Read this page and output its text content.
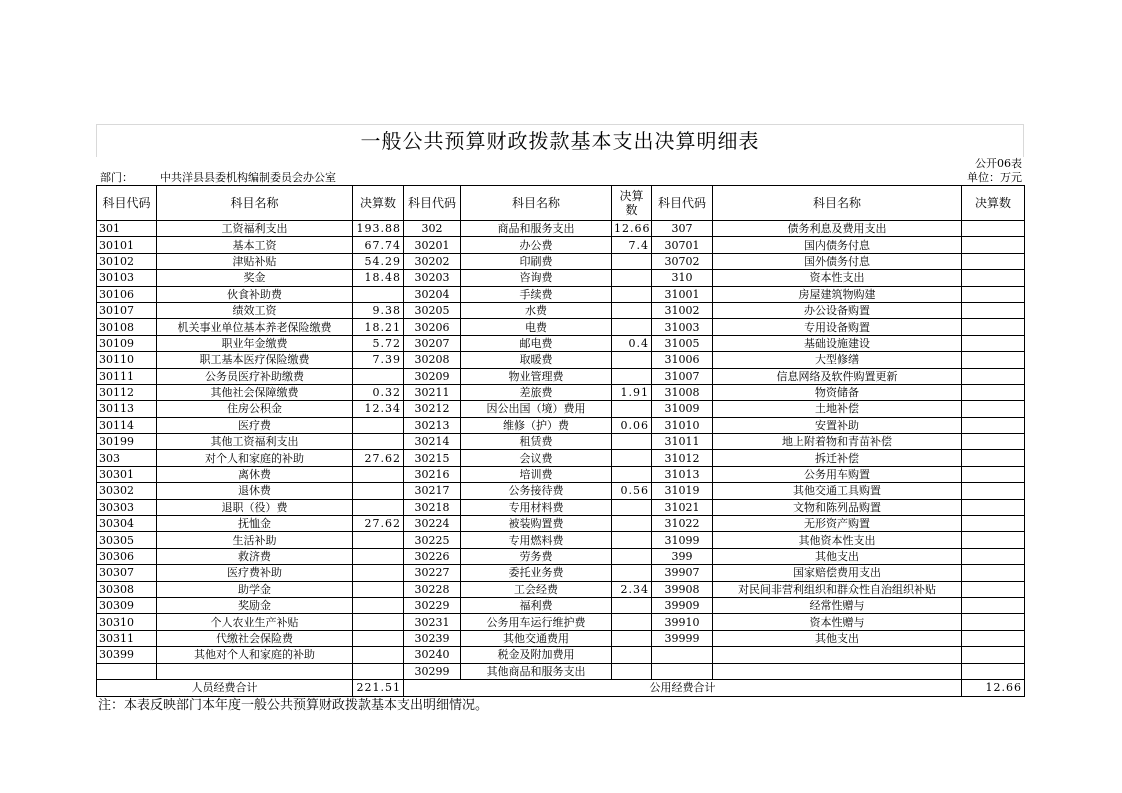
一般公共预算财政拨款基本支出决算明细表
公开06表
部门： 中共洋县县委机构编制委员会办公室	单位：万元
科目代码	科目名称	决算数	科目代码	科目名称	决算数	科目代码	科目名称	决算数
301	工资福利支出	193.88	302	商品和服务支出	12.66	307	债务利息及费用支出	
30101	基本工资	67.74	30201	办公费	7.4	30701	国内债务付息	
30102	津贴补贴	54.29	30202	印刷费		30702	国外债务付息	
30103	奖金	18.48	30203	咨询费		310	资本性支出	
30106	伙食补助费		30204	手续费		31001	房屋建筑物购建	
30107	绩效工资	9.38	30205	水费		31002	办公设备购置	
30108	机关事业单位基本养老保险缴费	18.21	30206	电费		31003	专用设备购置	
30109	职业年金缴费	5.72	30207	邮电费	0.4	31005	基础设施建设	
30110	职工基本医疗保险缴费	7.39	30208	取暖费		31006	大型修缮	
30111	公务员医疗补助缴费		30209	物业管理费		31007	信息网络及软件购置更新	
30112	其他社会保障缴费	0.32	30211	差旅费	1.91	31008	物资储备	
30113	住房公积金	12.34	30212	因公出国（境）费用		31009	土地补偿	
30114	医疗费		30213	维修（护）费	0.06	31010	安置补助	
30199	其他工资福利支出		30214	租赁费		31011	地上附着物和青苗补偿	
303	对个人和家庭的补助	27.62	30215	会议费		31012	拆迁补偿	
30301	离休费		30216	培训费		31013	公务用车购置	
30302	退休费		30217	公务接待费	0.56	31019	其他交通工具购置	
30303	退职（役）费		30218	专用材料费		31021	文物和陈列品购置	
30304	抚恤金	27.62	30224	被装购置费		31022	无形资产购置	
30305	生活补助		30225	专用燃料费		31099	其他资本性支出	
30306	救济费		30226	劳务费		399	其他支出	
30307	医疗费补助		30227	委托业务费		39907	国家赔偿费用支出	
30308	助学金		30228	工会经费	2.34	39908	对民间非营利组织和群众性自治组织补贴	
30309	奖励金		30229	福利费		39909	经常性赠与	
30310	个人农业生产补贴		30231	公务用车运行维护费		39910	资本性赠与	
30311	代缴社会保险费		30239	其他交通费用		39999	其他支出	
30399	其他对个人和家庭的补助		30240	税金及附加费用				
			30299	其他商品和服务支出				
人员经费合计		221.51	公用经费合计					12.66
注：本表反映部门本年度一般公共预算财政拨款基本支出明细情况。
